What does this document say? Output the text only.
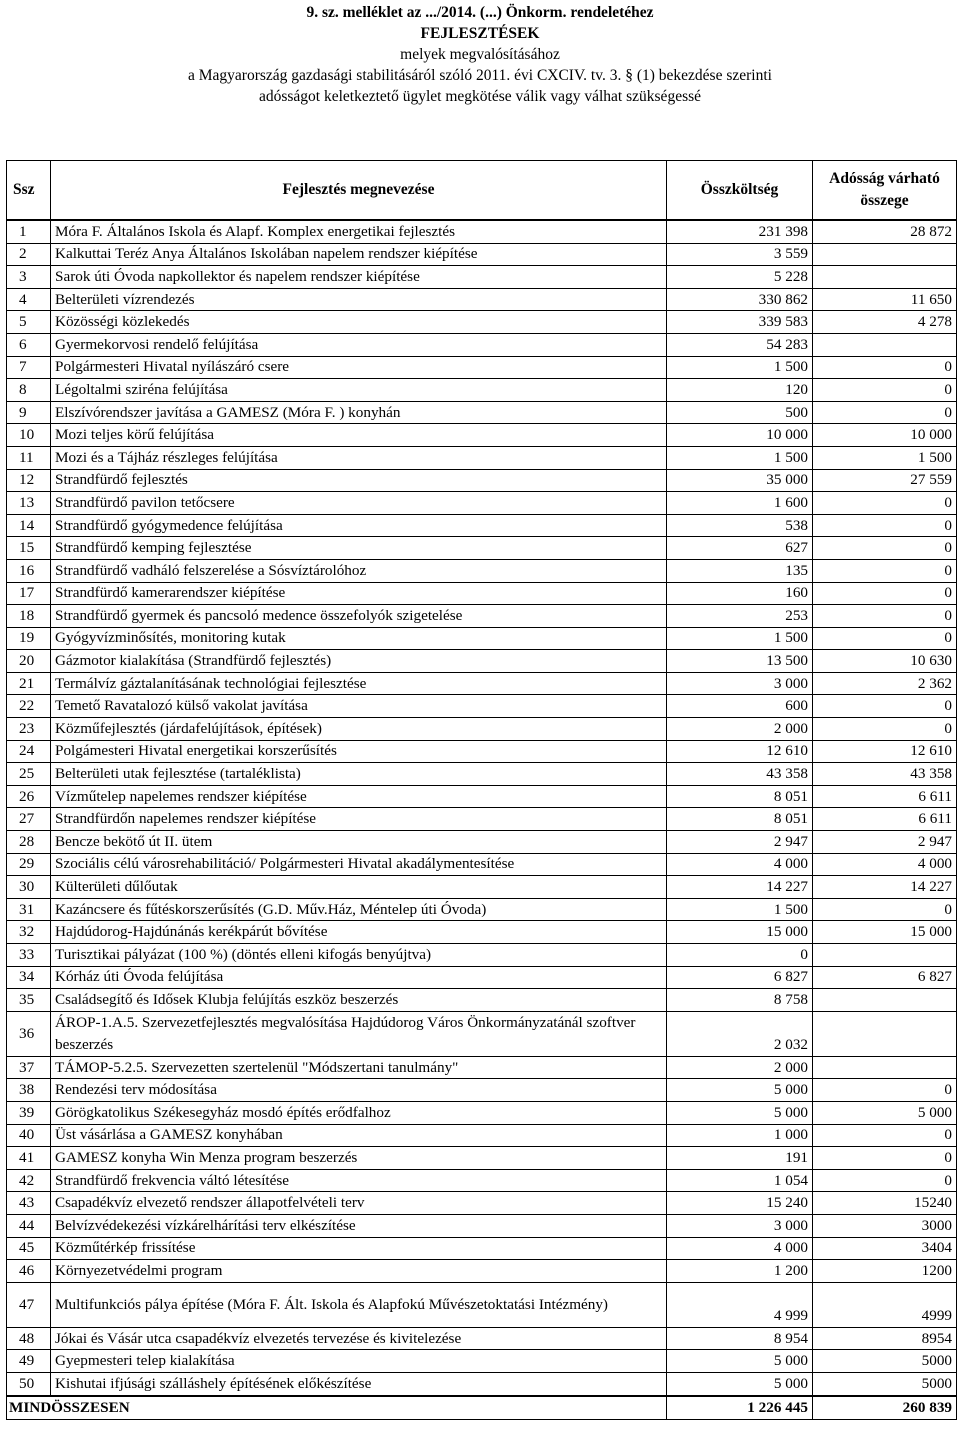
9. sz. melléklet az .../2014. (...) Önkorm. rendeletéhez
FEJLESZTÉSEK
melyek megvalósításához
a Magyarország gazdasági stabilitásáról szóló 2011. évi CXCIV. tv. 3. § (1) bekezdése szerinti
adósságot keletkeztető ügylet megkötése válik vagy válhat szükségessé
Ssz	Fejlesztés megnevezése	Összköltség	Adósság várható összege
1	Móra F. Általános Iskola és Alapf. Komplex energetikai fejlesztés	231 398	28 872
2	Kalkuttai Teréz Anya Általános Iskolában napelem rendszer kiépítése	3 559	
3	Sarok úti Óvoda napkollektor és napelem rendszer kiépítése	5 228	
4	Belterületi vízrendezés	330 862	11 650
5	Közösségi közlekedés	339 583	4 278
6	Gyermekorvosi rendelő felújítása	54 283	
7	Polgármesteri Hivatal nyílászáró csere	1 500	0
8	Légoltalmi sziréna felújítása	120	0
9	Elszívórendszer javítása a GAMESZ (Móra F. ) konyhán	500	0
10	Mozi teljes körű felújítása	10 000	10 000
11	Mozi és a Tájház részleges felújítása	1 500	1 500
12	Strandfürdő fejlesztés	35 000	27 559
13	Strandfürdő pavilon tetőcsere	1 600	0
14	Strandfürdő gyógymedence felújítása	538	0
15	Strandfürdő kemping fejlesztése	627	0
16	Strandfürdő vadháló felszerelése a Sósvíztárolóhoz	135	0
17	Strandfürdő kamerarendszer kiépítése	160	0
18	Strandfürdő gyermek és pancsoló medence összefolyók szigetelése	253	0
19	Gyógyvízminősítés, monitoring kutak	1 500	0
20	Gázmotor kialakítása (Strandfürdő fejlesztés)	13 500	10 630
21	Termálvíz gáztalanításának technológiai fejlesztése	3 000	2 362
22	Temető Ravatalozó külső vakolat javítása	600	0
23	Közműfejlesztés (járdafelújítások, építések)	2 000	0
24	Polgámesteri Hivatal energetikai korszerűsítés	12 610	12 610
25	Belterületi utak fejlesztése (tartaléklista)	43 358	43 358
26	Vízműtelep napelemes rendszer kiépítése	8 051	6 611
27	Strandfürdőn napelemes rendszer kiépítése	8 051	6 611
28	Bencze bekötő út II. ütem	2 947	2 947
29	Szociális célú városrehabilitáció/ Polgármesteri Hivatal akadálymentesítése	4 000	4 000
30	Külterületi dűlőutak	14 227	14 227
31	Kazáncsere és fűtéskorszerűsítés (G.D. Műv.Ház, Méntelep úti Óvoda)	1 500	0
32	Hajdúdorog-Hajdúnánás kerékpárút bővítése	15 000	15 000
33	Turisztikai pályázat (100 %) (döntés elleni kifogás benyújtva)	0	
34	Kórház úti Óvoda felújítása	6 827	6 827
35	Családsegítő és Idősek Klubja felújítás eszköz beszerzés	8 758	
36	ÁROP-1.A.5. Szervezetfejlesztés megvalósítása Hajdúdorog Város Önkormányzatánál szoftver beszerzés	2 032	
37	TÁMOP-5.2.5. Szervezetten szertelenül "Módszertani tanulmány"	2 000	
38	Rendezési terv módosítása	5 000	0
39	Görögkatolikus Székesegyház mosdó építés erődfalhoz	5 000	5 000
40	Üst vásárlása a GAMESZ konyhában	1 000	0
41	GAMESZ konyha Win Menza program beszerzés	191	0
42	Strandfürdő frekvencia váltó létesítése	1 054	0
43	Csapadékvíz elvezető rendszer állapotfelvételi terv	15 240	15240
44	Belvízvédekezési vízkárelhárítási terv elkészítése	3 000	3000
45	Közműtérkép frissítése	4 000	3404
46	Környezetvédelmi program	1 200	1200
47	Multifunkciós pálya építése (Móra F. Ált. Iskola és Alapfokú Művészetoktatási Intézmény)	4 999	4999
48	Jókai és Vásár utca csapadékvíz elvezetés tervezése és kivitelezése	8 954	8954
49	Gyepmesteri telep kialakítása	5 000	5000
50	Kishutai ifjúsági szálláshely építésének előkészítése	5 000	5000
MINDÖSSZESEN		1 226 445	260 839
